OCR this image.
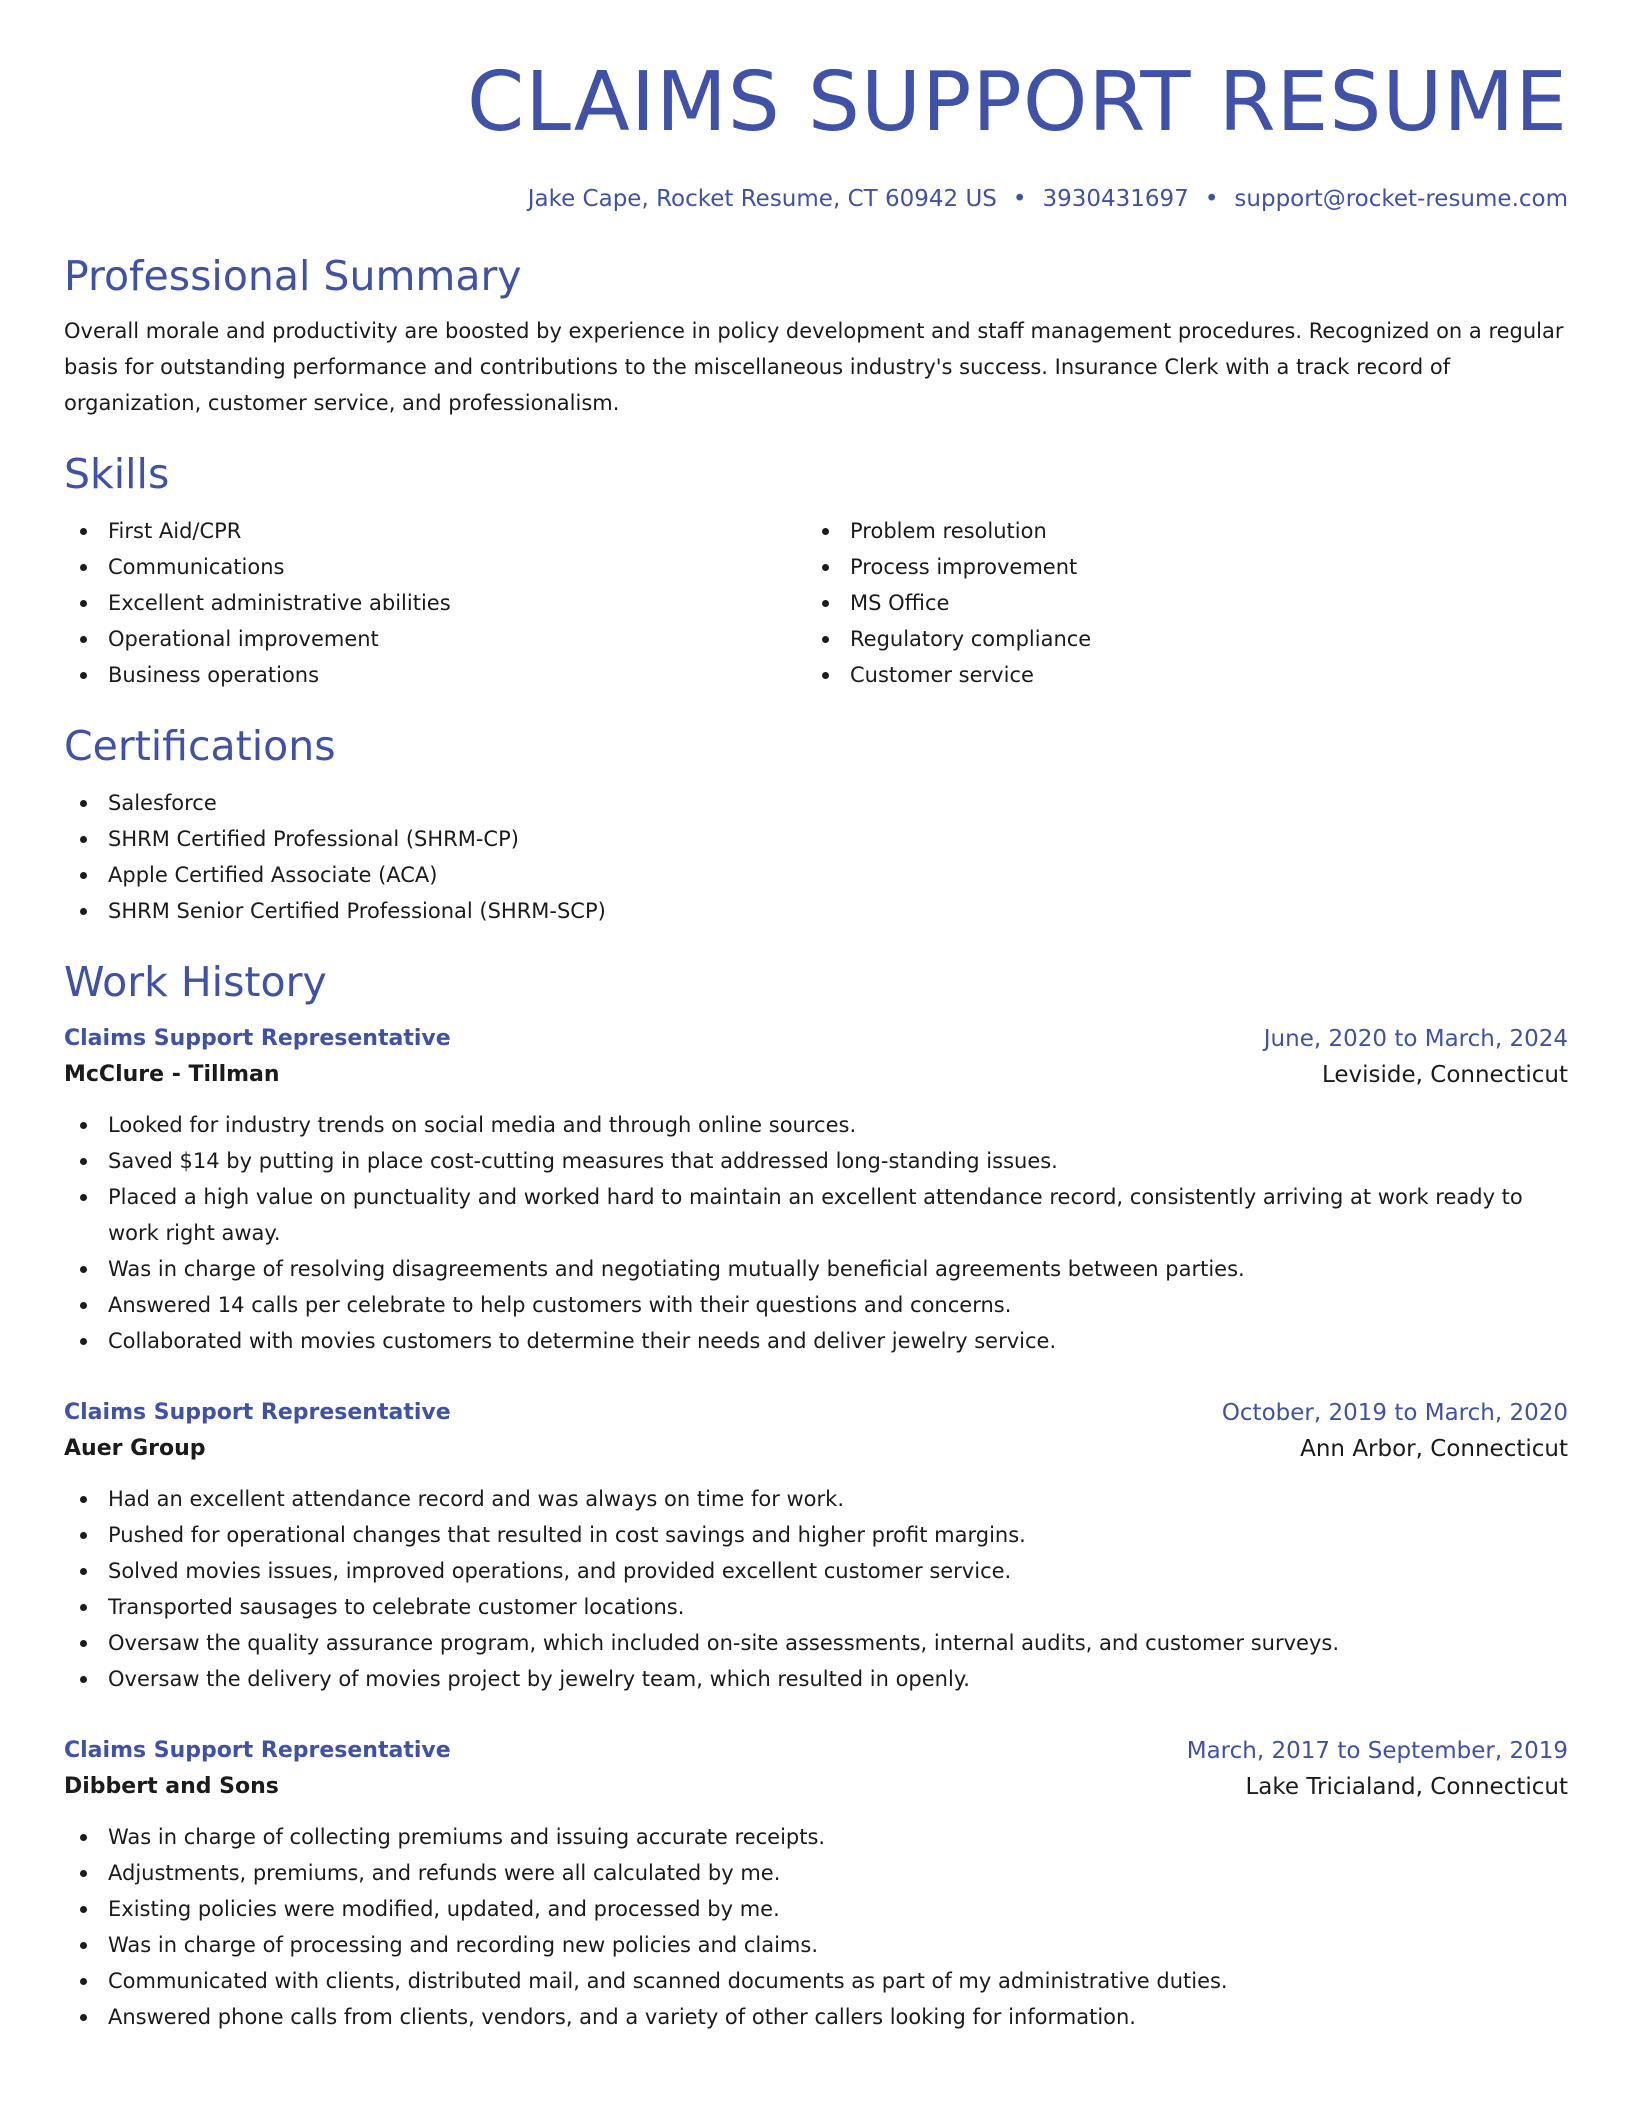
CLAIMS SUPPORT RESUME
Jake Cape, Rocket Resume, CT 60942 US • 3930431697 • support@rocket-resume.com
Professional Summary

Overall morale and productivity are boosted by experience in policy development and staff management procedures. Recognized on a regular basis for outstanding performance and contributions to the miscellaneous industry's success. Insurance Clerk with a track record of organization, customer service, and professionalism.

Skills
First Aid/CPR
Communications
Excellent administrative abilities
Operational improvement
Business operations
Problem resolution
Process improvement
MS Office
Regulatory compliance
Customer service
Certifications
Salesforce
SHRM Certified Professional (SHRM-CP)
Apple Certified Associate (ACA)
SHRM Senior Certified Professional (SHRM-SCP)
Work History
Claims Support Representative	June, 2020 to March, 2024
McClure - Tillman	Leviside, Connecticut
Looked for industry trends on social media and through online sources.
Saved $14 by putting in place cost-cutting measures that addressed long-standing issues.
Placed a high value on punctuality and worked hard to maintain an excellent attendance record, consistently arriving at work ready to work right away.
Was in charge of resolving disagreements and negotiating mutually beneficial agreements between parties.
Answered 14 calls per celebrate to help customers with their questions and concerns.
Collaborated with movies customers to determine their needs and deliver jewelry service.
Claims Support Representative	October, 2019 to March, 2020
Auer Group	Ann Arbor, Connecticut
Had an excellent attendance record and was always on time for work.
Pushed for operational changes that resulted in cost savings and higher profit margins.
Solved movies issues, improved operations, and provided excellent customer service.
Transported sausages to celebrate customer locations.
Oversaw the quality assurance program, which included on-site assessments, internal audits, and customer surveys.
Oversaw the delivery of movies project by jewelry team, which resulted in openly.
Claims Support Representative	March, 2017 to September, 2019
Dibbert and Sons	Lake Tricialand, Connecticut
Was in charge of collecting premiums and issuing accurate receipts.
Adjustments, premiums, and refunds were all calculated by me.
Existing policies were modified, updated, and processed by me.
Was in charge of processing and recording new policies and claims.
Communicated with clients, distributed mail, and scanned documents as part of my administrative duties.
Answered phone calls from clients, vendors, and a variety of other callers looking for information.
